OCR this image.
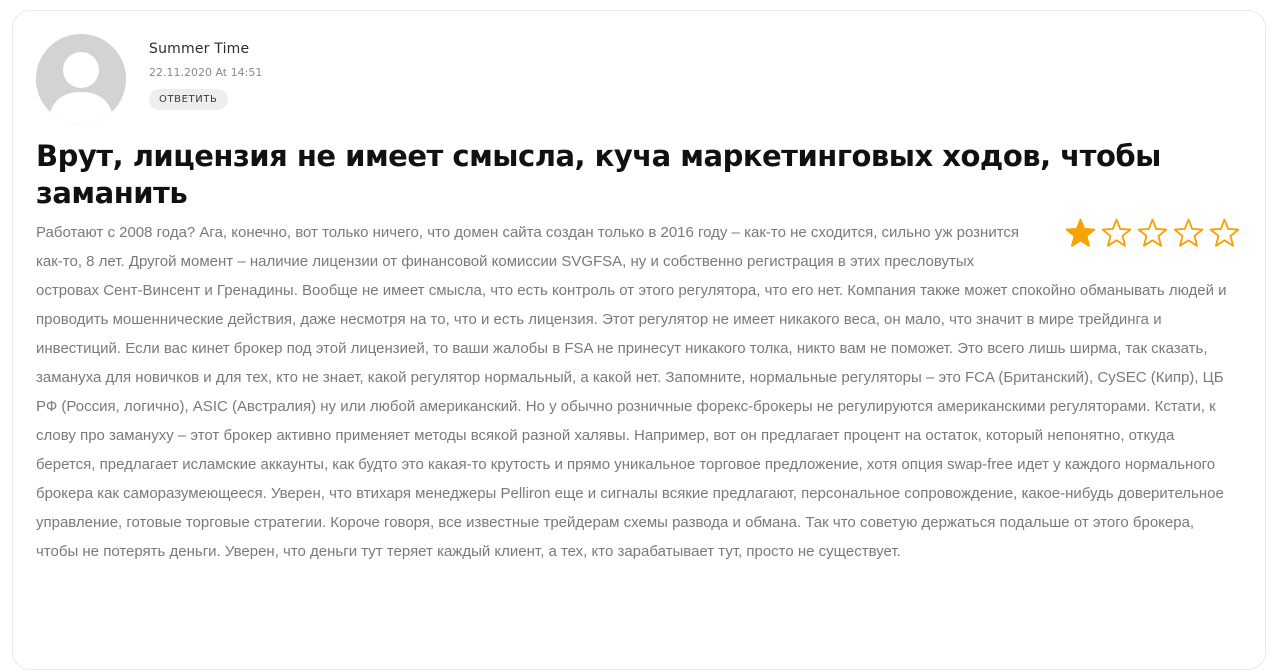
Summer Time
22.11.2020 At 14:51
ОТВЕТИТЬ
Врут, лицензия не имеет смысла, куча маркетинговых ходов, чтобы заманить
Работают с 2008 года? Ага, конечно, вот только ничего, что домен сайта создан только в 2016 году – как-то не сходится, сильно уж рознится как-то, 8 лет. Другой момент – наличие лицензии от финансовой комиссии SVGFSA, ну и собственно регистрация в этих пресловутых островах Сент-Винсент и Гренадины. Вообще не имеет смысла, что есть контроль от этого регулятора, что его нет. Компания также может спокойно обманывать людей и проводить мошеннические действия, даже несмотря на то, что и есть лицензия. Этот регулятор не имеет никакого веса, он мало, что значит в мире трейдинга и инвестиций. Если вас кинет брокер под этой лицензией, то ваши жалобы в FSA не принесут никакого толка, никто вам не поможет. Это всего лишь ширма, так сказать, замануха для новичков и для тех, кто не знает, какой регулятор нормальный, а какой нет. Запомните, нормальные регуляторы – это FCA (Британский), CySEC (Кипр), ЦБ РФ (Россия, логично), ASIC (Австралия) ну или любой американский. Но у обычно розничные форекс-брокеры не регулируются американскими регуляторами. Кстати, к слову про замануху – этот брокер активно применяет методы всякой разной халявы. Например, вот он предлагает процент на остаток, который непонятно, откуда берется, предлагает исламские аккаунты, как будто это какая-то крутость и прямо уникальное торговое предложение, хотя опция swap-free идет у каждого нормального брокера как саморазумеющееся. Уверен, что втихаря менеджеры Pelliron еще и сигналы всякие предлагают, персональное сопровождение, какое-нибудь доверительное управление, готовые торговые стратегии. Короче говоря, все известные трейдерам схемы развода и обмана. Так что советую держаться подальше от этого брокера, чтобы не потерять деньги. Уверен, что деньги тут теряет каждый клиент, а тех, кто зарабатывает тут, просто не существует.
